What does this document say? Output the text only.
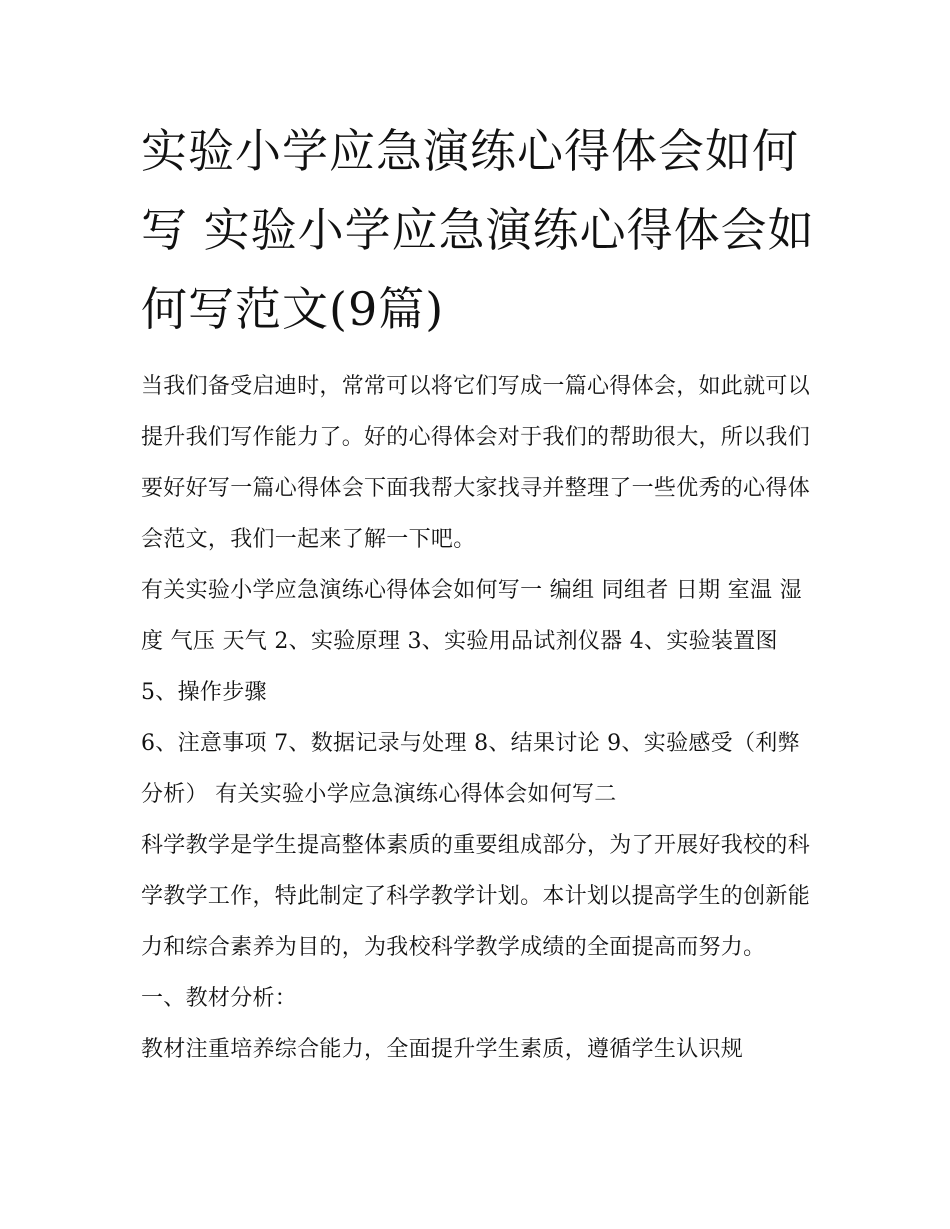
实验小学应急演练心得体会如何写 实验小学应急演练心得体会如何写范文(9篇)

当我们备受启迪时，常常可以将它们写成一篇心得体会，如此就可以提升我们写作能力了。好的心得体会对于我们的帮助很大，所以我们要好好写一篇心得体会下面我帮大家找寻并整理了一些优秀的心得体会范文，我们一起来了解一下吧。

有关实验小学应急演练心得体会如何写一 编组 同组者 日期 室温 湿度 气压 天气 2、实验原理 3、实验用品试剂仪器 4、实验装置图 5、操作步骤

6、注意事项 7、数据记录与处理 8、结果讨论 9、实验感受（利弊分析） 有关实验小学应急演练心得体会如何写二

科学教学是学生提高整体素质的重要组成部分，为了开展好我校的科学教学工作，特此制定了科学教学计划。本计划以提高学生的创新能力和综合素养为目的，为我校科学教学成绩的全面提高而努力。

一、教材分析：

教材注重培养综合能力，全面提升学生素质，遵循学生认识规
